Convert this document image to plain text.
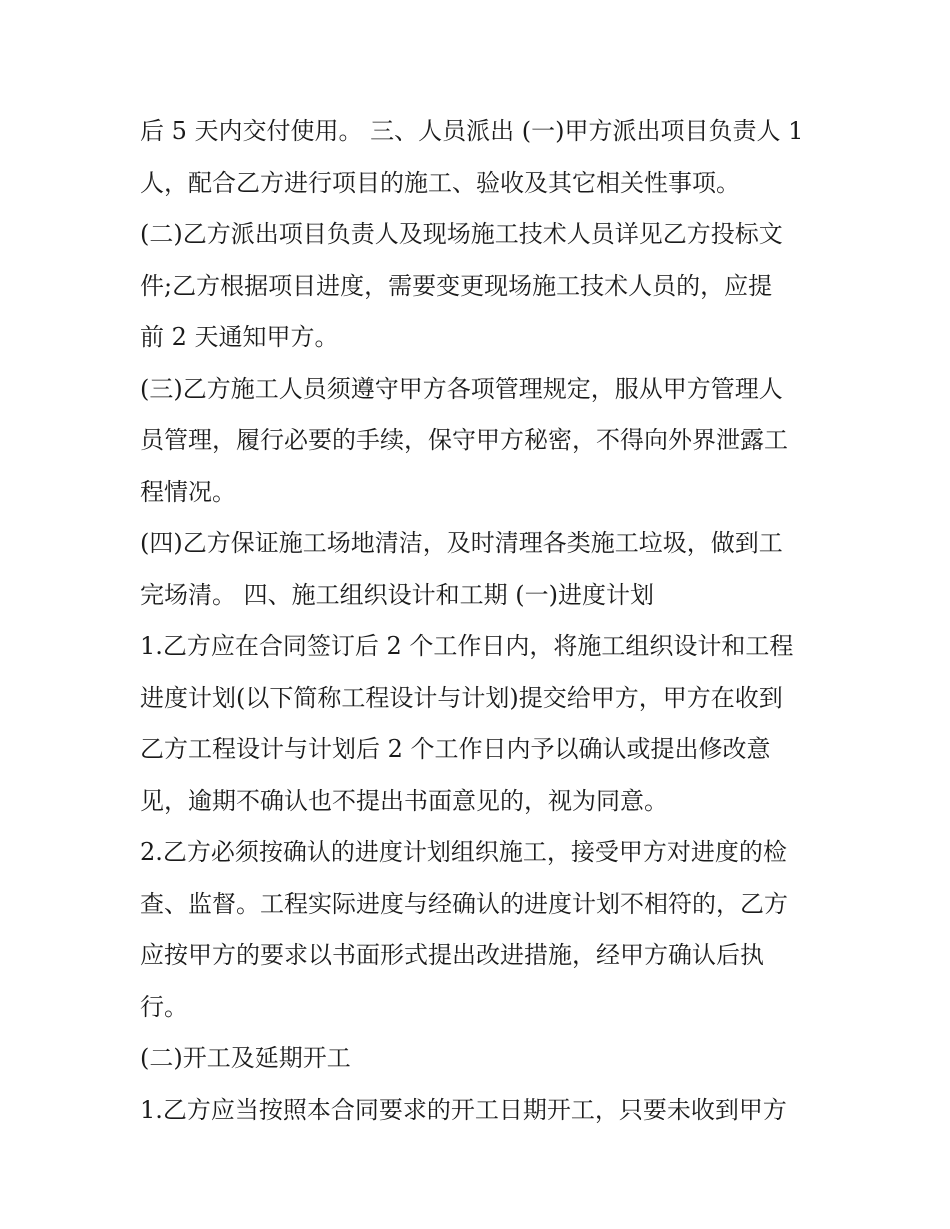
后 5 天内交付使用。 三、人员派出 (一)甲方派出项目负责人 1
人，配合乙方进行项目的施工、验收及其它相关性事项。
(二)乙方派出项目负责人及现场施工技术人员详见乙方投标文
件;乙方根据项目进度，需要变更现场施工技术人员的，应提
前 2 天通知甲方。
(三)乙方施工人员须遵守甲方各项管理规定，服从甲方管理人
员管理，履行必要的手续，保守甲方秘密，不得向外界泄露工
程情况。
(四)乙方保证施工场地清洁，及时清理各类施工垃圾，做到工
完场清。 四、施工组织设计和工期 (一)进度计划
1.乙方应在合同签订后 2 个工作日内，将施工组织设计和工程
进度计划(以下简称工程设计与计划)提交给甲方，甲方在收到
乙方工程设计与计划后 2 个工作日内予以确认或提出修改意
见，逾期不确认也不提出书面意见的，视为同意。
2.乙方必须按确认的进度计划组织施工，接受甲方对进度的检
查、监督。工程实际进度与经确认的进度计划不相符的，乙方
应按甲方的要求以书面形式提出改进措施，经甲方确认后执
行。
(二)开工及延期开工
1.乙方应当按照本合同要求的开工日期开工，只要未收到甲方
